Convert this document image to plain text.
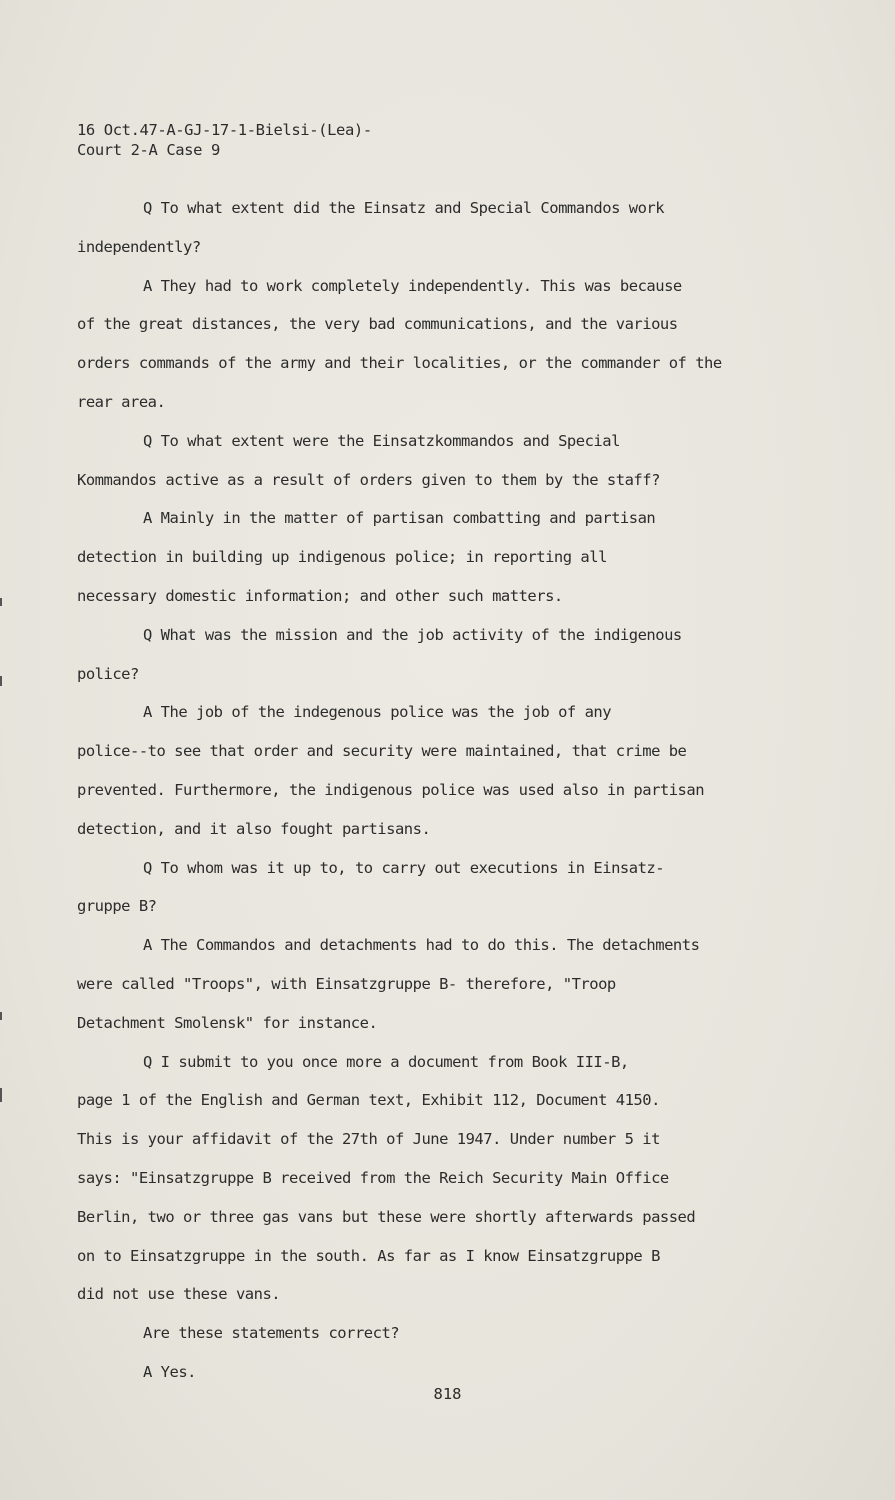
16 Oct.47-A-GJ-17-1-Bielsi-(Lea)-
Court 2-A Case 9
Q To what extent did the Einsatz and Special Commandos work
independently?
A They had to work completely independently. This was because
of the great distances, the very bad communications, and the various
orders commands of the army and their localities, or the commander of the
rear area.
Q To what extent were the Einsatzkommandos and Special
Kommandos active as a result of orders given to them by the staff?
A Mainly in the matter of partisan combatting and partisan
detection in building up indigenous police; in reporting all
necessary domestic information; and other such matters.
Q What was the mission and the job activity of the indigenous
police?
A The job of the indegenous police was the job of any
police--to see that order and security were maintained, that crime be
prevented. Furthermore, the indigenous police was used also in partisan
detection, and it also fought partisans.
Q To whom was it up to, to carry out executions in Einsatz-
gruppe B?
A The Commandos and detachments had to do this. The detachments
were called "Troops", with Einsatzgruppe B- therefore, "Troop
Detachment Smolensk" for instance.
Q I submit to you once more a document from Book III-B,
page 1 of the English and German text, Exhibit 112, Document 4150.
This is your affidavit of the 27th of June 1947. Under number 5 it
says: "Einsatzgruppe B received from the Reich Security Main Office
Berlin, two or three gas vans but these were shortly afterwards passed
on to Einsatzgruppe in the south. As far as I know Einsatzgruppe B
did not use these vans.
Are these statements correct?
A Yes.
818
